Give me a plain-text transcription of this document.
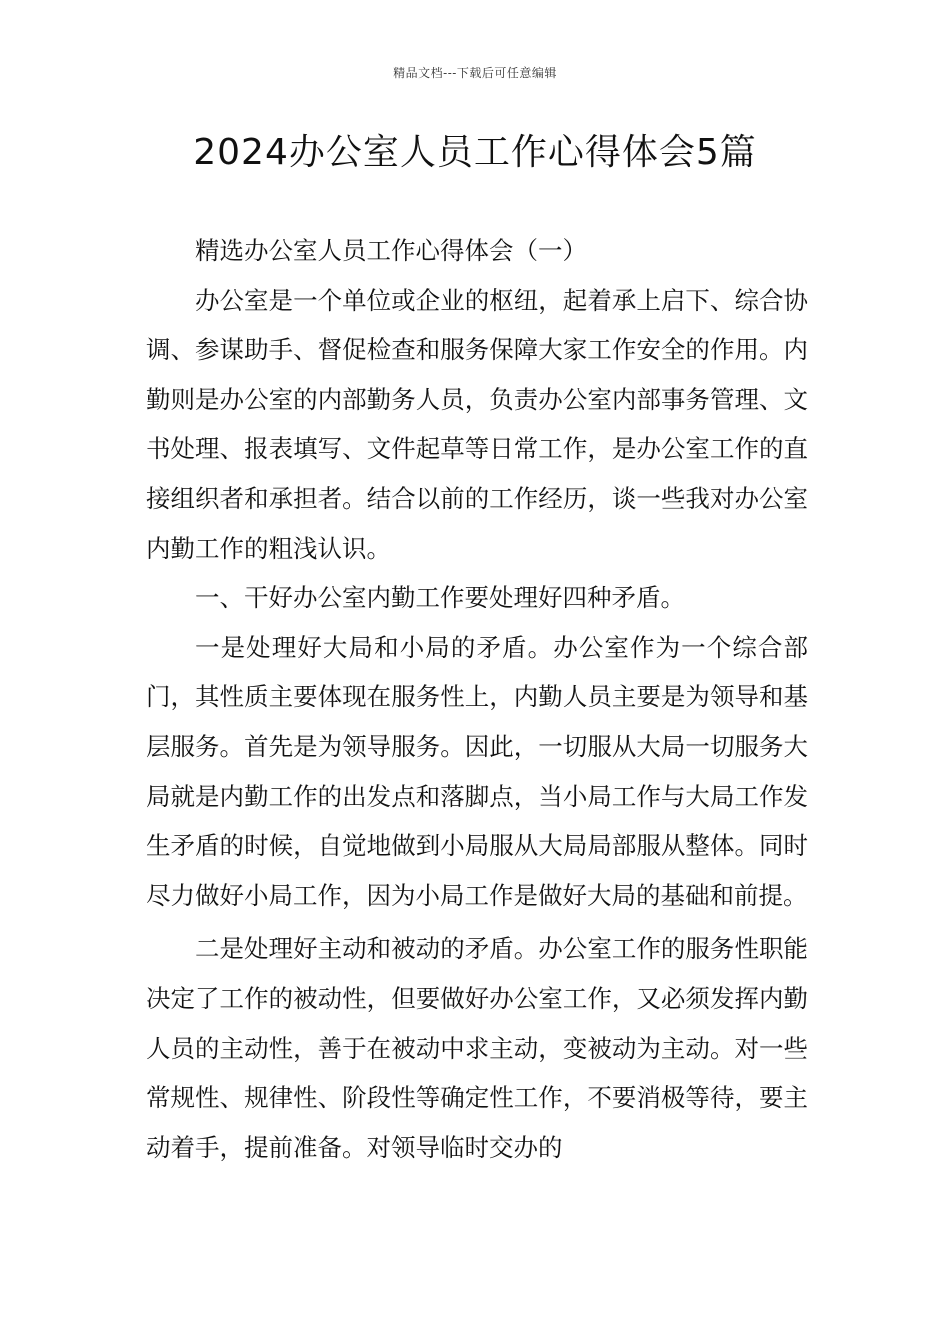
精品文档---下载后可任意编辑
2024办公室人员工作心得体会5篇

精选办公室人员工作心得体会（一）

办公室是一个单位或企业的枢纽，起着承上启下、综合协调、参谋助手、督促检查和服务保障大家工作安全的作用。内勤则是办公室的内部勤务人员，负责办公室内部事务管理、文书处理、报表填写、文件起草等日常工作，是办公室工作的直接组织者和承担者。结合以前的工作经历，谈一些我对办公室内勤工作的粗浅认识。

一、干好办公室内勤工作要处理好四种矛盾。

一是处理好大局和小局的矛盾。办公室作为一个综合部门，其性质主要体现在服务性上，内勤人员主要是为领导和基层服务。首先是为领导服务。因此，一切服从大局一切服务大局就是内勤工作的出发点和落脚点，当小局工作与大局工作发生矛盾的时候，自觉地做到小局服从大局局部服从整体。同时尽力做好小局工作，因为小局工作是做好大局的基础和前提。

二是处理好主动和被动的矛盾。办公室工作的服务性职能决定了工作的被动性，但要做好办公室工作，又必须发挥内勤人员的主动性，善于在被动中求主动，变被动为主动。对一些常规性、规律性、阶段性等确定性工作，不要消极等待，要主动着手，提前准备。对领导临时交办的
